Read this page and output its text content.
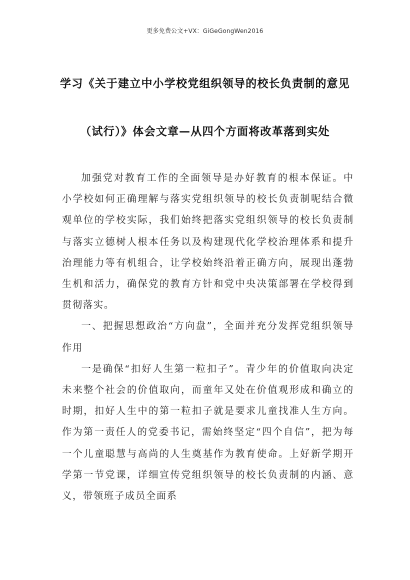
更多免费公文+VX：GiGeGongWen2016
学习《关于建立中小学校党组织领导的校长负责制的意见
（试行）》体会文章—从四个方面将改革落到实处

加强党对教育工作的全面领导是办好教育的根本保证。中小学校如何正确理解与落实党组织领导的校长负责制呢结合微观单位的学校实际，我们始终把落实党组织领导的校长负责制与落实立德树人根本任务以及构建现代化学校治理体系和提升治理能力等有机组合，让学校始终沿着正确方向，展现出蓬勃生机和活力，确保党的教育方针和党中央决策部署在学校得到贯彻落实。

一、把握思想政治“方向盘”，全面并充分发挥党组织领导作用

一是确保“扣好人生第一粒扣子”。青少年的价值取向决定未来整个社会的价值取向，而童年又处在价值观形成和确立的时期，扣好人生中的第一粒扣子就是要求儿童找准人生方向。作为第一责任人的党委书记，需始终坚定“四个自信”，把为每一个儿童聪慧与高尚的人生奠基作为教育使命。上好新学期开学第一节党课，详细宣传党组织领导的校长负责制的内涵、意义，带领班子成员全面系
